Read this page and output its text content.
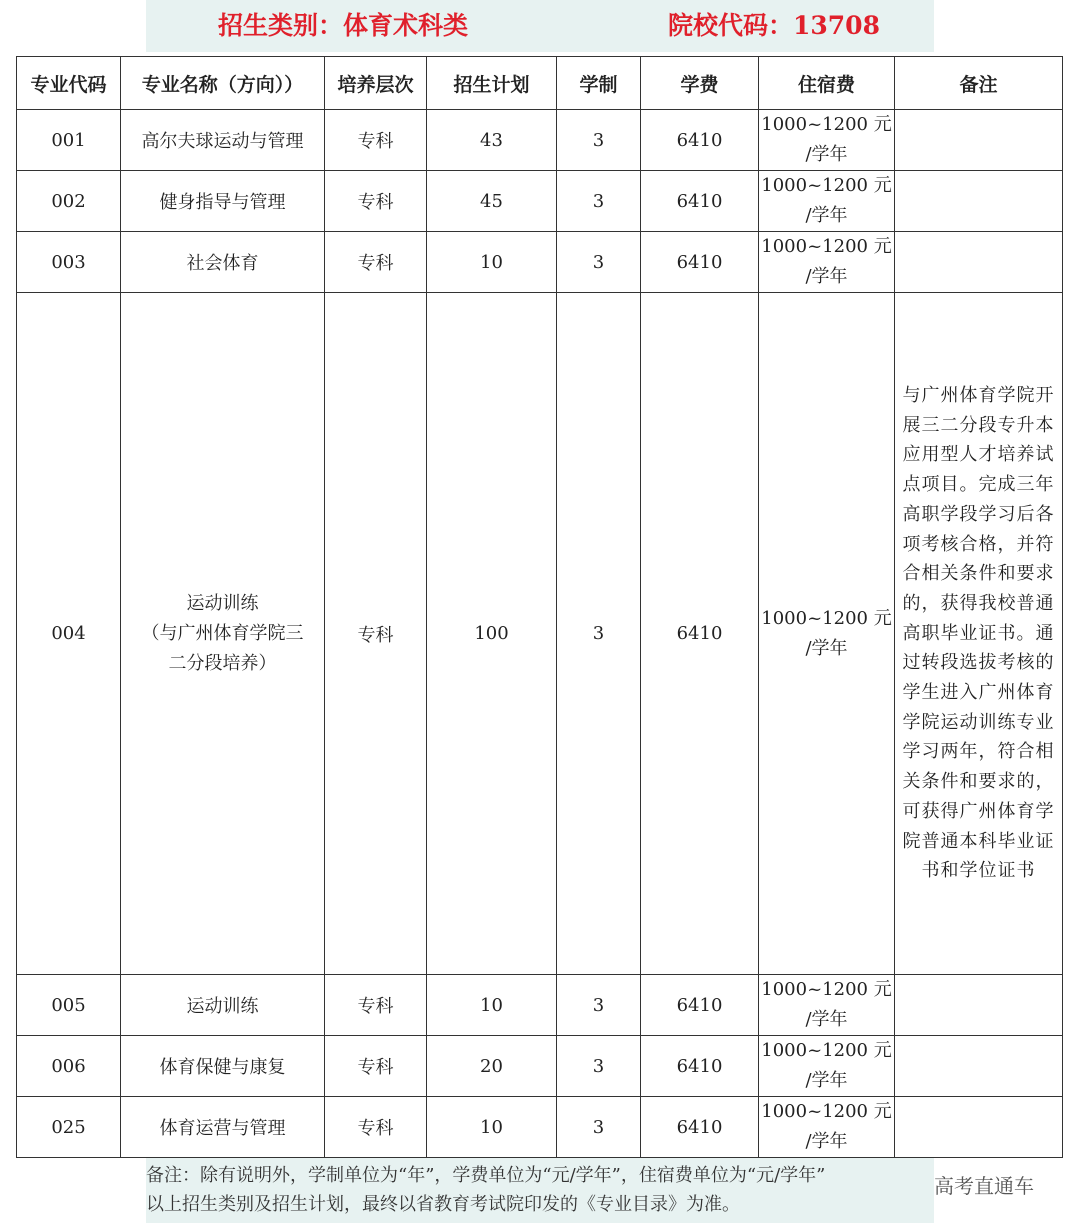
招生类别：体育术科类	院校代码：13708
专业代码	专业名称（方向））	培养层次	招生计划	学制	学费	住宿费	备注
001	高尔夫球运动与管理	专科	43	3	6410	1000~1200 元
/学年	
002	健身指导与管理	专科	45	3	6410	1000~1200 元
/学年	
003	社会体育	专科	10	3	6410	1000~1200 元
/学年	
004	运动训练
（与广州体育学院三
二分段培养）	专科	100	3	6410	1000~1200 元
/学年	与广州体育学院开展三二分段专升本应用型人才培养试点项目。完成三年高职学段学习后各项考核合格，并符合相关条件和要求的，获得我校普通高职毕业证书。通过转段选拔考核的学生进入广州体育学院运动训练专业学习两年，符合相关条件和要求的，可获得广州体育学院普通本科毕业证书和学位证书
005	运动训练	专科	10	3	6410	1000~1200 元
/学年	
006	体育保健与康复	专科	20	3	6410	1000~1200 元
/学年	
025	体育运营与管理	专科	10	3	6410	1000~1200 元
/学年	
备注：除有说明外，学制单位为“年”，学费单位为“元/学年”，住宿费单位为“元/学年”
以上招生类别及招生计划，最终以省教育考试院印发的《专业目录》为准。
高考直通车
